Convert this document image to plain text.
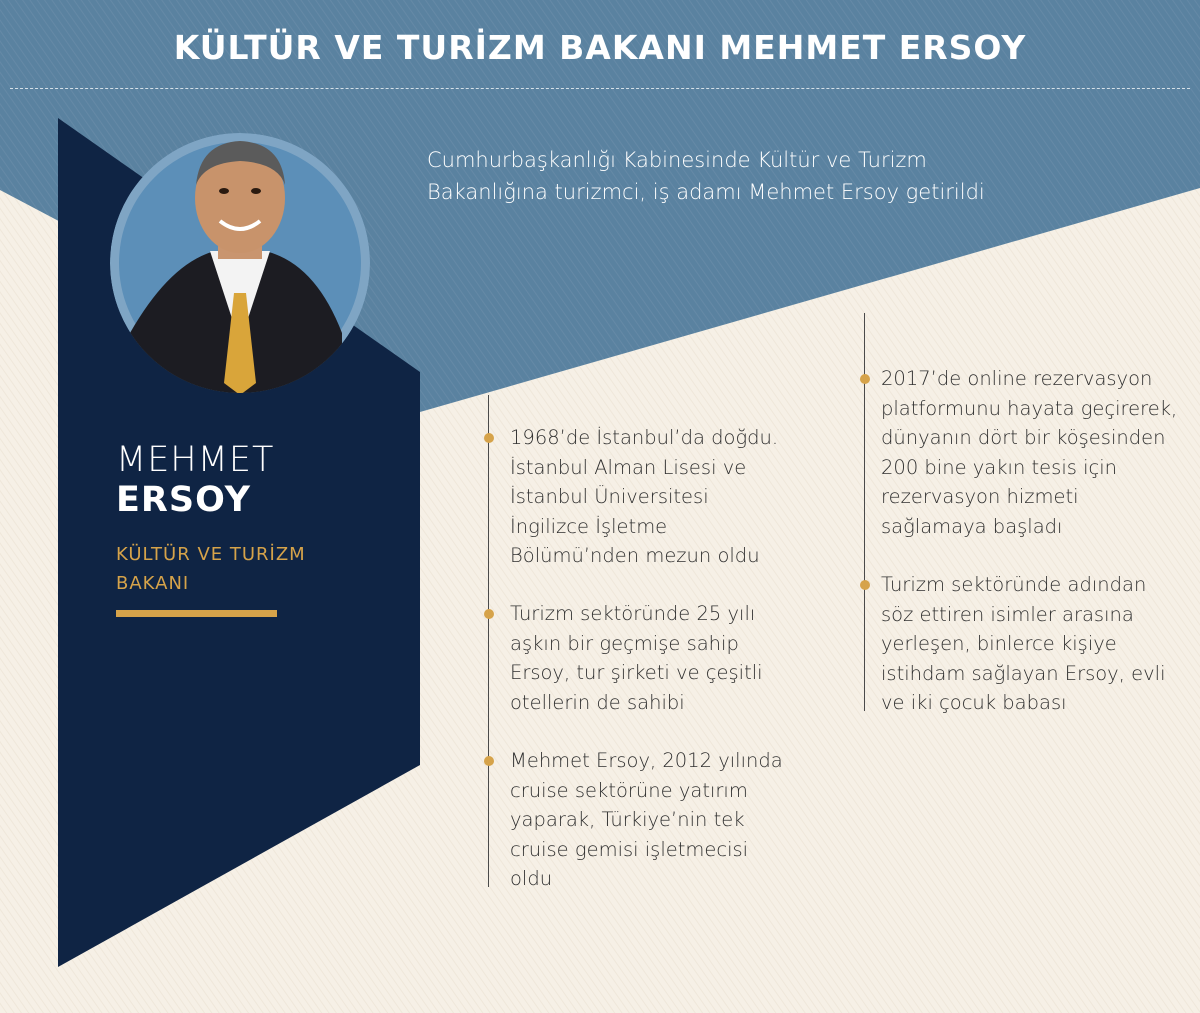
KÜLTÜR VE TURİZM BAKANI MEHMET ERSOY
Cumhurbaşkanlığı Kabinesinde Kültür ve Turizm Bakanlığına turizmci, iş adamı Mehmet Ersoy getirildi
MEHMET
ERSOY
KÜLTÜR VE TURİZM
BAKANI
1968’de İstanbul’da doğdu. İstanbul Alman Lisesi ve İstanbul Üniversitesi İngilizce İşletme Bölümü’nden mezun oldu
Turizm sektöründe 25 yılı aşkın bir geçmişe sahip Ersoy, tur şirketi ve çeşitli otellerin de sahibi
Mehmet Ersoy, 2012 yılında cruise sektörüne yatırım yaparak, Türkiye’nin tek cruise gemisi işletmecisi oldu
2017’de online rezervasyon platformunu hayata geçirerek, dünyanın dört bir köşesinden 200 bine yakın tesis için rezervasyon hizmeti sağlamaya başladı
Turizm sektöründe adından söz ettiren isimler arasına yerleşen, binlerce kişiye istihdam sağlayan Ersoy, evli ve iki çocuk babası
